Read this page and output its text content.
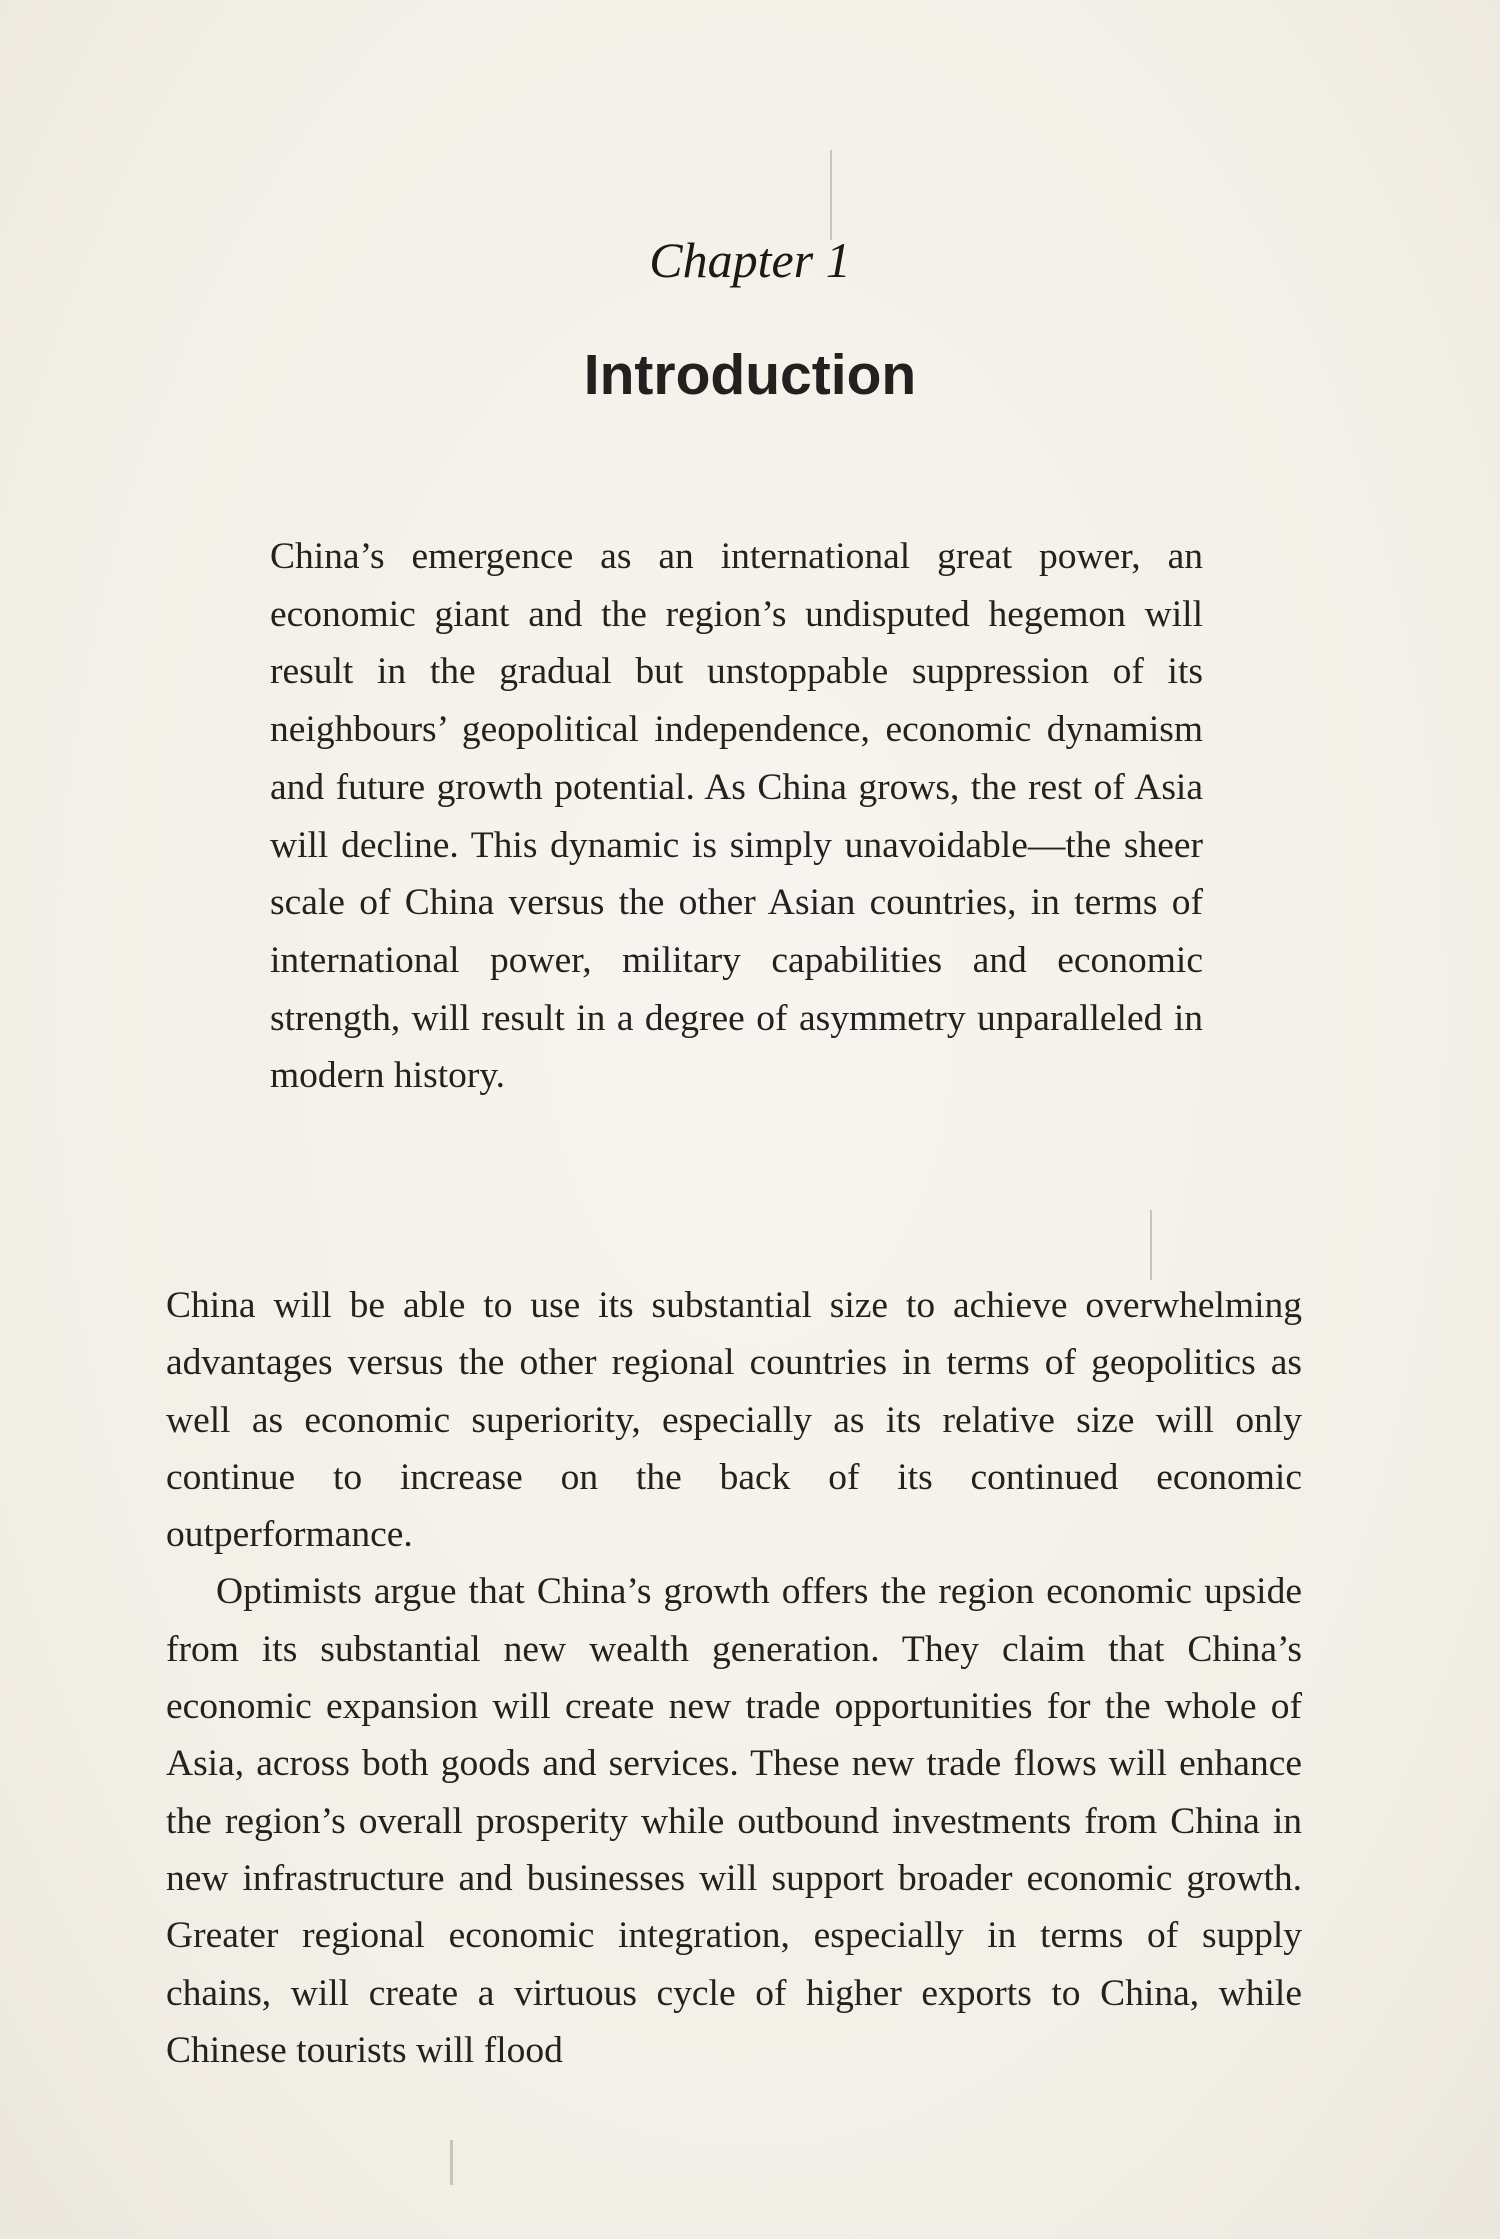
Chapter 1
Introduction

China’s emergence as an international great power, an economic giant and the region’s undisputed hegemon will result in the gradual but unstoppable suppression of its neighbours’ geopolitical independence, economic dynamism and future growth potential. As China grows, the rest of Asia will decline. This dynamic is simply unavoidable—the sheer scale of China versus the other Asian countries, in terms of international power, military capabilities and economic strength, will result in a degree of asymmetry unparalleled in modern history.

China will be able to use its substantial size to achieve overwhelming advantages versus the other regional countries in terms of geopolitics as well as economic superiority, especially as its relative size will only continue to increase on the back of its continued economic outperformance.

Optimists argue that China’s growth offers the region economic upside from its substantial new wealth generation. They claim that China’s economic expansion will create new trade opportunities for the whole of Asia, across both goods and services. These new trade flows will enhance the region’s overall prosperity while outbound investments from China in new infrastructure and businesses will support broader economic growth. Greater regional economic integration, especially in terms of supply chains, will create a virtuous cycle of higher exports to China, while Chinese tourists will flood
